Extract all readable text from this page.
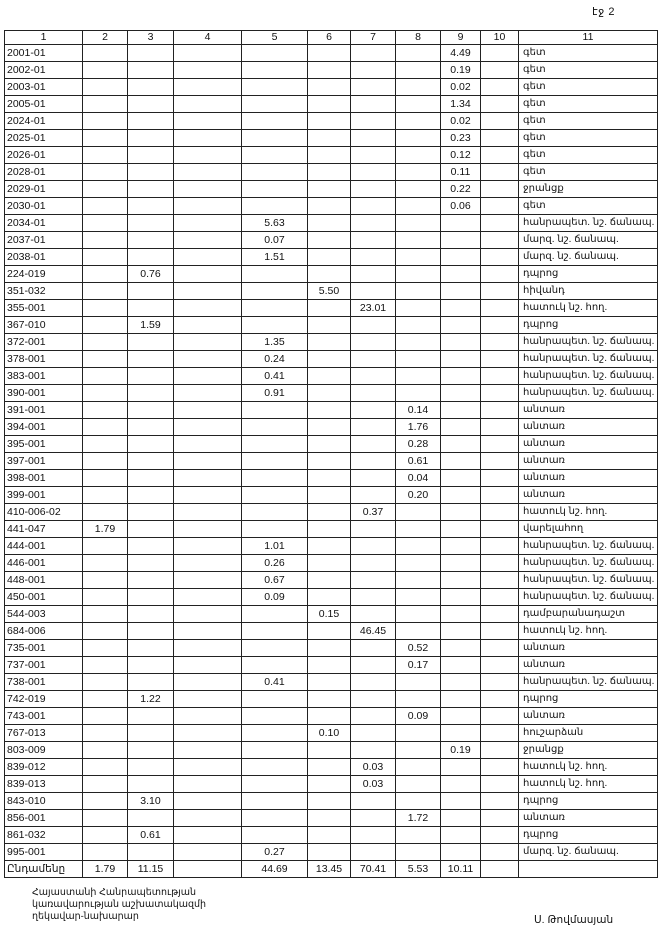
էջ 2
1	2	3	4	5	6	7	8	9	10	11
2001-01								4.49		գետ
2002-01								0.19		գետ
2003-01								0.02		գետ
2005-01								1.34		գետ
2024-01								0.02		գետ
2025-01								0.23		գետ
2026-01								0.12		գետ
2028-01								0.11		գետ
2029-01								0.22		ջրանցք
2030-01								0.06		գետ
2034-01				5.63						հանրապետ. նշ. ճանապ.
2037-01				0.07						մարզ. նշ. ճանապ.
2038-01				1.51						մարզ. նշ. ճանապ.
224-019		0.76								դպրոց
351-032					5.50					հիվանդ
355-001						23.01				հատուկ նշ. հող.
367-010		1.59								դպրոց
372-001				1.35						հանրապետ. նշ. ճանապ.
378-001				0.24						հանրապետ. նշ. ճանապ.
383-001				0.41						հանրապետ. նշ. ճանապ.
390-001				0.91						հանրապետ. նշ. ճանապ.
391-001							0.14			անտառ
394-001							1.76			անտառ
395-001							0.28			անտառ
397-001							0.61			անտառ
398-001							0.04			անտառ
399-001							0.20			անտառ
410-006-02						0.37				հատուկ նշ. հող.
441-047	1.79									վարելահող
444-001				1.01						հանրապետ. նշ. ճանապ.
446-001				0.26						հանրապետ. նշ. ճանապ.
448-001				0.67						հանրապետ. նշ. ճանապ.
450-001				0.09						հանրապետ. նշ. ճանապ.
544-003					0.15					դամբարանադաշտ
684-006						46.45				հատուկ նշ. հող.
735-001							0.52			անտառ
737-001							0.17			անտառ
738-001				0.41						հանրապետ. նշ. ճանապ.
742-019		1.22								դպրոց
743-001							0.09			անտառ
767-013					0.10					հուշարձան
803-009								0.19		ջրանցք
839-012						0.03				հատուկ նշ. հող.
839-013						0.03				հատուկ նշ. հող.
843-010		3.10								դպրոց
856-001							1.72			անտառ
861-032		0.61								դպրոց
995-001				0.27						մարզ. նշ. ճանապ.
Ընդամենը	1.79	11.15		44.69	13.45	70.41	5.53	10.11		
Հայաստանի Հանրապետության
կառավարության աշխատակազմի
ղեկավար-նախարար	Ս. Թովմասյան
